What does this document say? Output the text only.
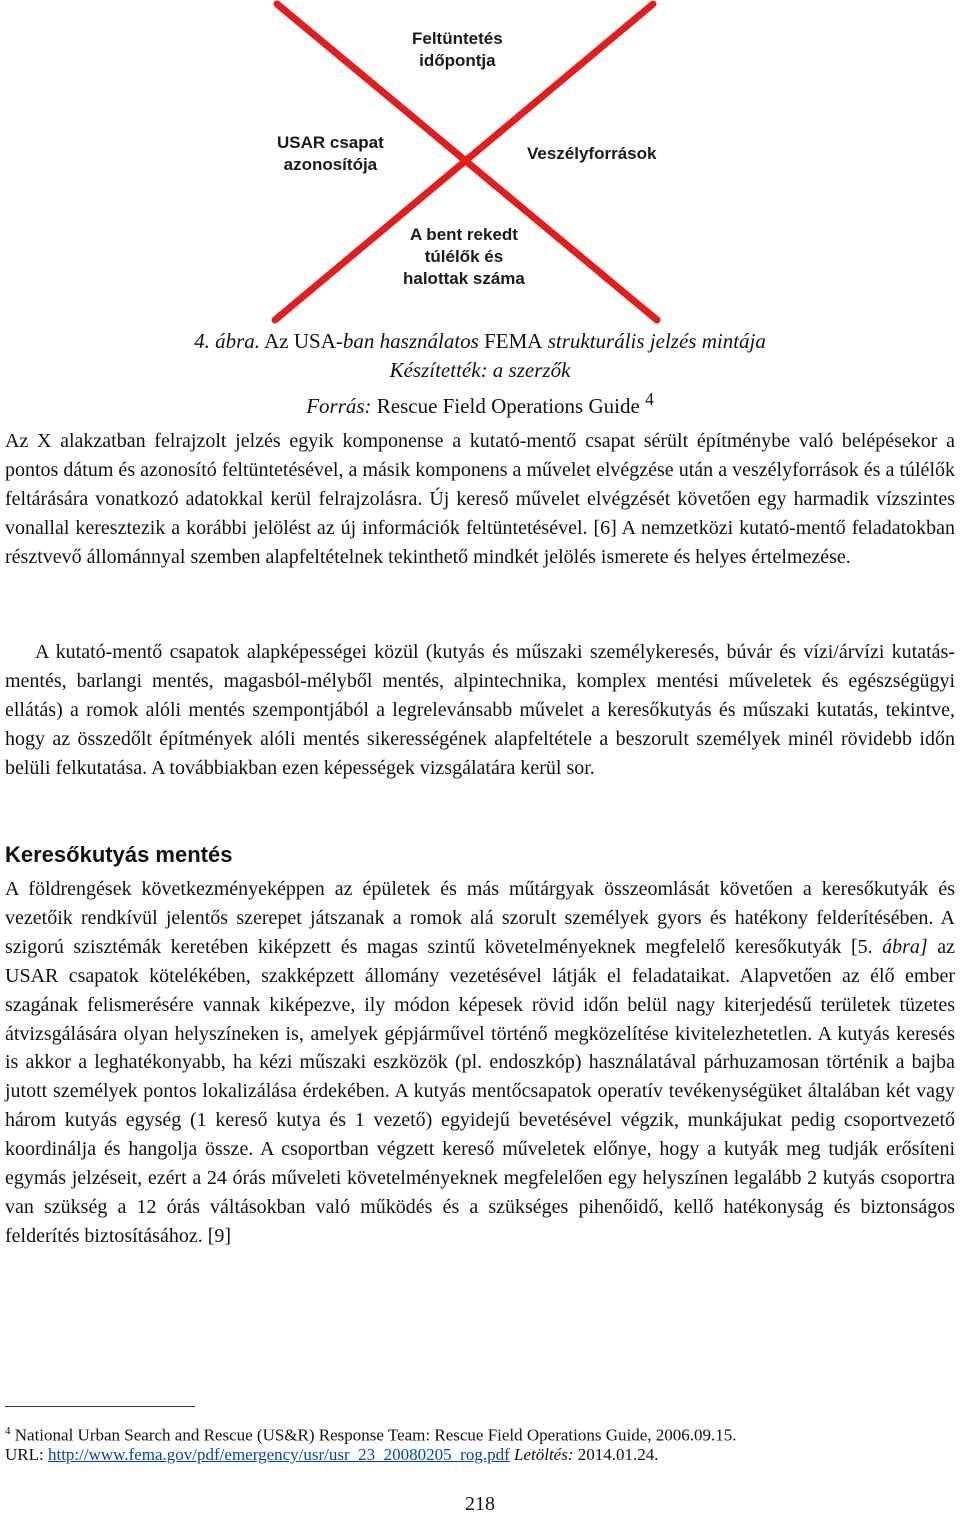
Feltüntetés
időpontja
USAR csapat
azonosítója
Veszélyforrások
A bent rekedt
túlélők és
halottak száma
4. ábra. Az USA-ban használatos FEMA strukturális jelzés mintája
Készítették: a szerzők
Forrás: Rescue Field Operations Guide $^4$

Az X alakzatban felrajzolt jelzés egyik komponense a kutató-mentő csapat sérült építménybe való belépésekor a pontos dátum és azonosító feltüntetésével, a másik komponens a művelet elvégzése után a veszélyforrások és a túlélők feltárására vonatkozó adatokkal kerül felrajzolásra. Új kereső művelet elvégzését követően egy harmadik vízszintes vonallal keresztezik a korábbi jelölést az új információk feltüntetésével. [6] A nemzetközi kutató-mentő feladatokban résztvevő állománnyal szemben alapfeltételnek tekinthető mindkét jelölés ismerete és helyes értelmezése.

A kutató-mentő csapatok alapképességei közül (kutyás és műszaki személykeresés, búvár és vízi/árvízi kutatás-mentés, barlangi mentés, magasból-mélyből mentés, alpintechnika, komplex mentési műveletek és egészségügyi ellátás) a romok alóli mentés szempontjából a legrelevánsabb művelet a keresőkutyás és műszaki kutatás, tekintve, hogy az összedőlt építmények alóli mentés sikerességének alapfeltétele a beszorult személyek minél rövidebb időn belüli felkutatása. A továbbiakban ezen képességek vizsgálatára kerül sor.

Keresőkutyás mentés

A földrengések következményeképpen az épületek és más műtárgyak összeomlását követően a keresőkutyák és vezetőik rendkívül jelentős szerepet játszanak a romok alá szorult személyek gyors és hatékony felderítésében. A szigorú szisztémák keretében kiképzett és magas szintű követelményeknek megfelelő keresőkutyák [5. ábra] az USAR csapatok kötelékében, szakképzett állomány vezetésével látják el feladataikat. Alapvetően az élő ember szagának felismerésére vannak kiképezve, ily módon képesek rövid időn belül nagy kiterjedésű területek tüzetes átvizsgálására olyan helyszíneken is, amelyek gépjárművel történő megközelítése kivitelezhetetlen. A kutyás keresés is akkor a leghatékonyabb, ha kézi műszaki eszközök (pl. endoszkóp) használatával párhuzamosan történik a bajba jutott személyek pontos lokalizálása érdekében. A kutyás mentőcsapatok operatív tevékenységüket általában két vagy három kutyás egység (1 kereső kutya és 1 vezető) egyidejű bevetésével végzik, munkájukat pedig csoportvezető koordinálja és hangolja össze. A csoportban végzett kereső műveletek előnye, hogy a kutyák meg tudják erősíteni egymás jelzéseit, ezért a 24 órás műveleti követelményeknek megfelelően egy helyszínen legalább 2 kutyás csoportra van szükség a 12 órás váltásokban való működés és a szükséges pihenőidő, kellő hatékonyság és biztonságos felderítés biztosításához. [9]

$^4$ National Urban Search and Rescue (US&R) Response Team: Rescue Field Operations Guide, 2006.09.15.
URL: http://www.fema.gov/pdf/emergency/usr/usr_23_20080205_rog.pdf Letöltés: 2014.01.24.
218
